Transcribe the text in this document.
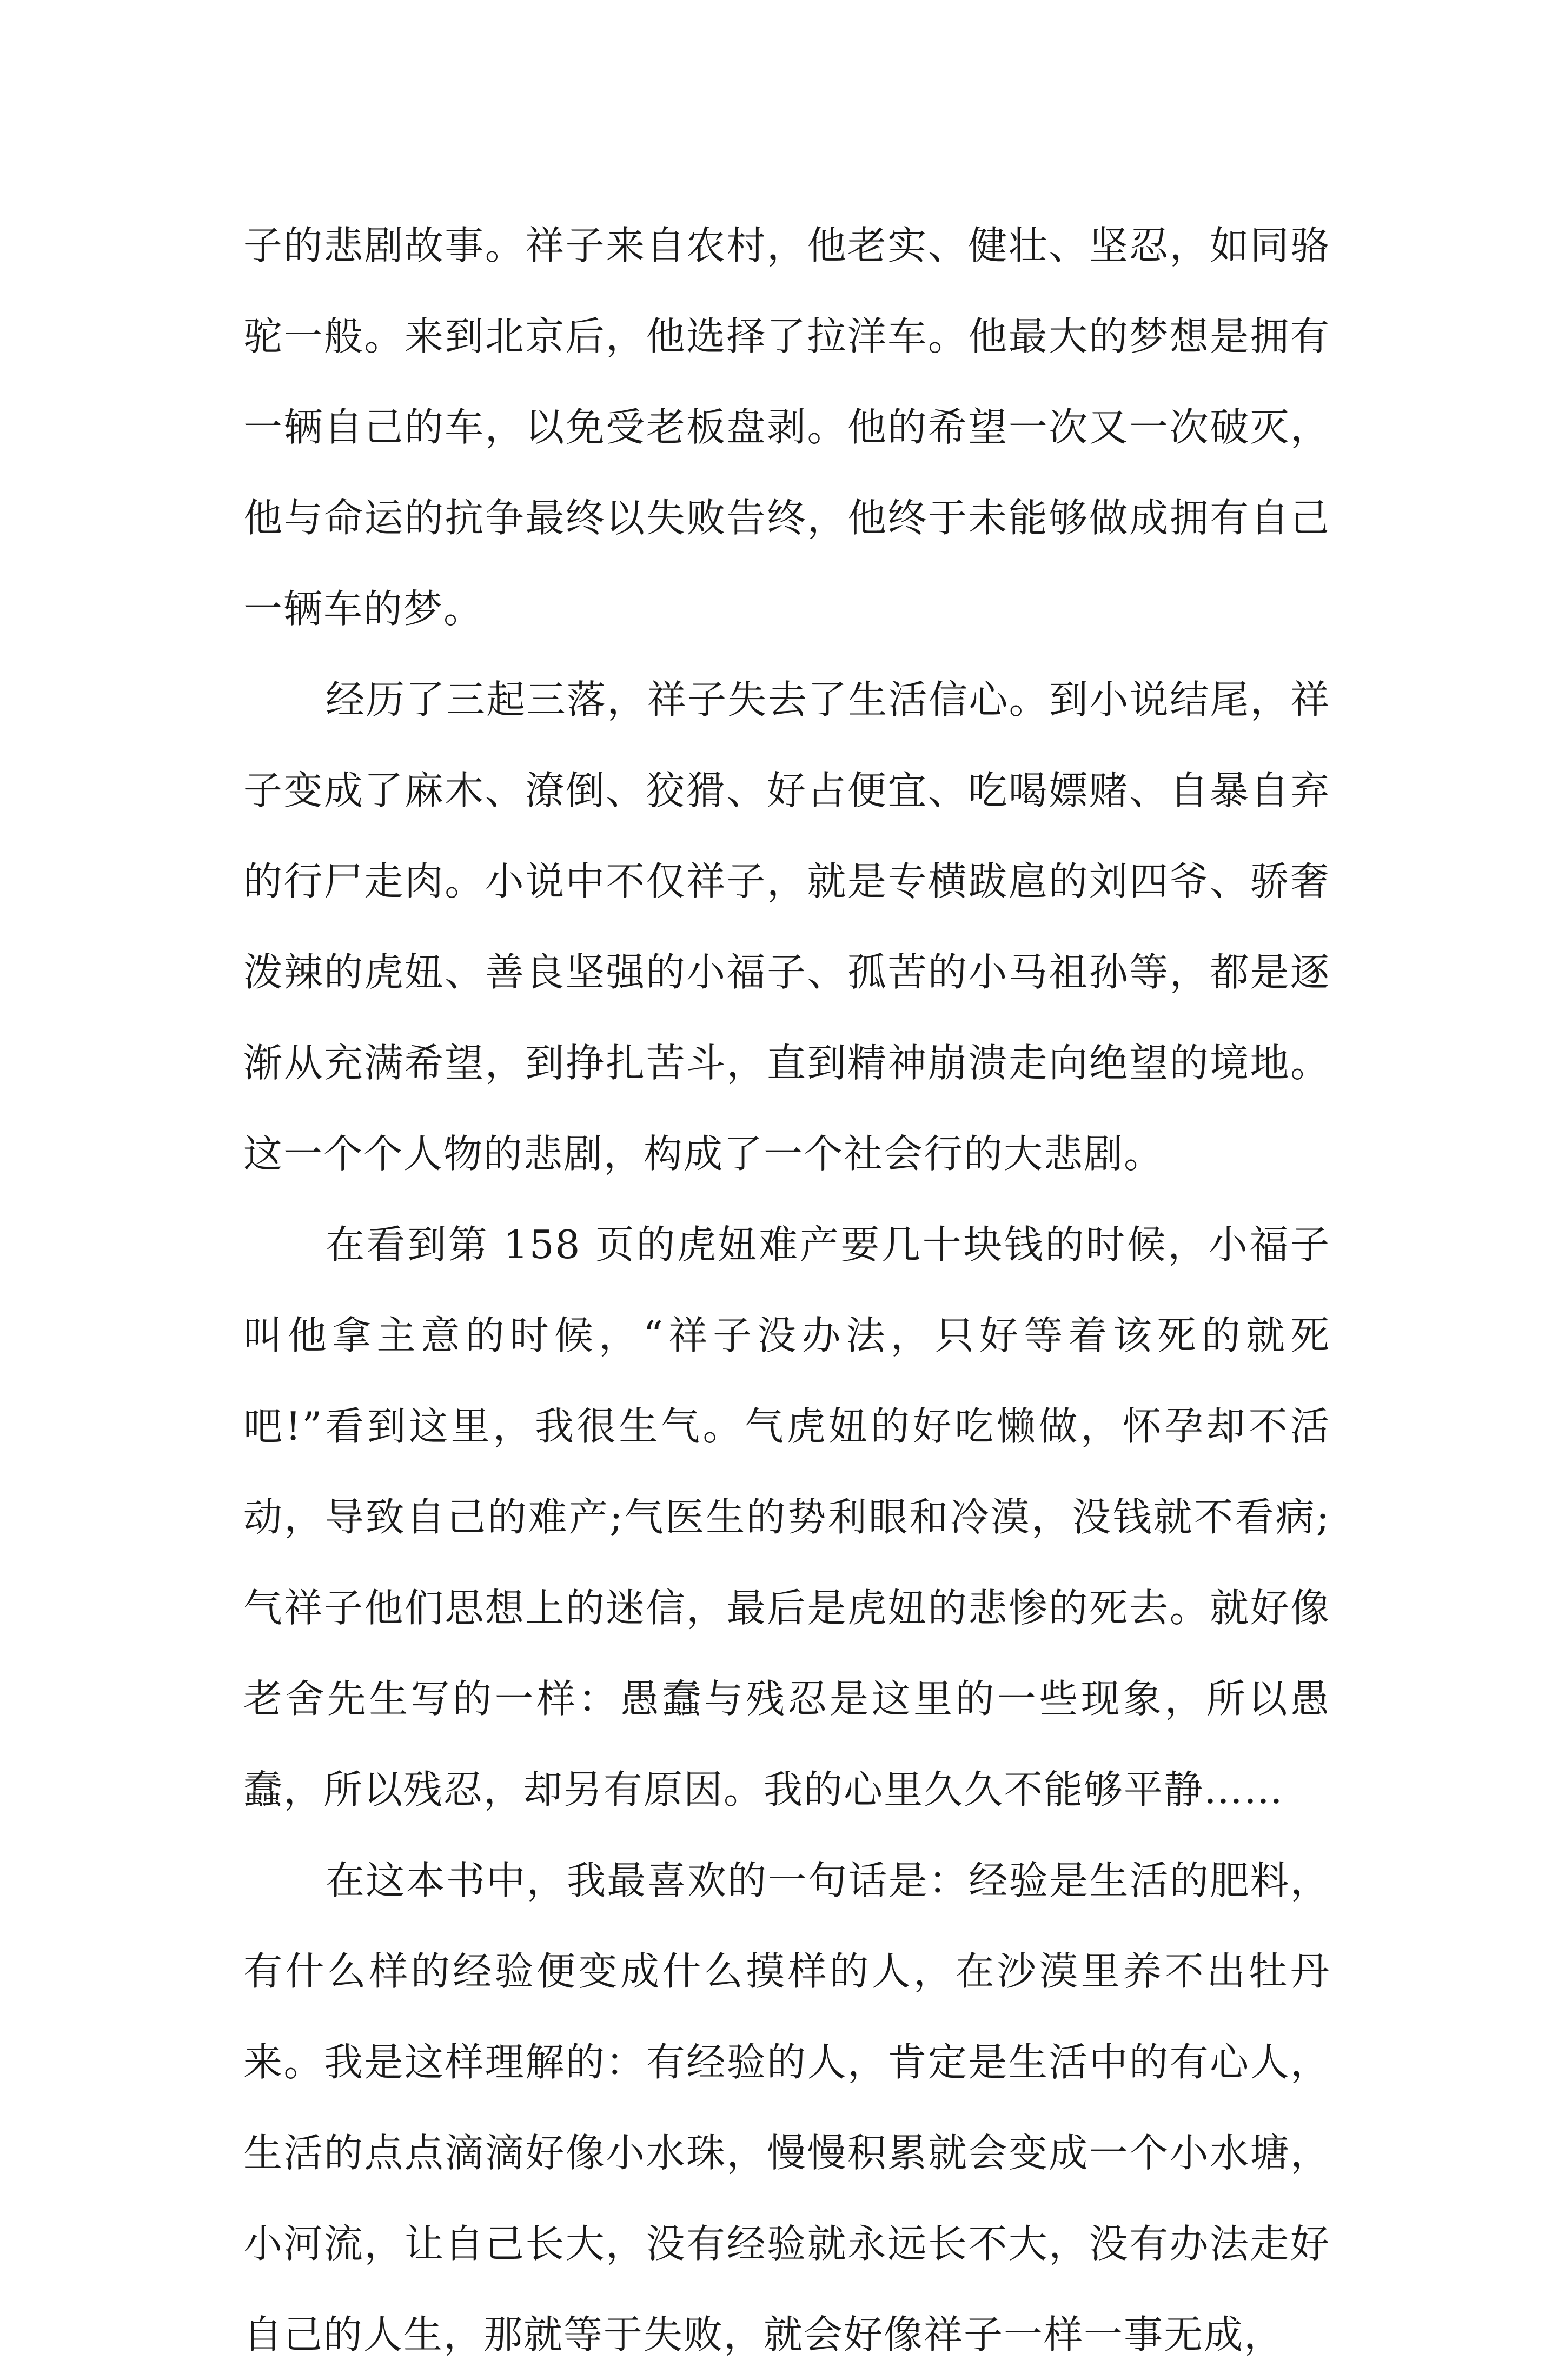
子的悲剧故事。祥子来自农村，他老实、健壮、坚忍，如同骆驼一般。来到北京后，他选择了拉洋车。他最大的梦想是拥有一辆自己的车，以免受老板盘剥。他的希望一次又一次破灭，他与命运的抗争最终以失败告终，他终于未能够做成拥有自己一辆车的梦。

经历了三起三落，祥子失去了生活信心。到小说结尾，祥子变成了麻木、潦倒、狡猾、好占便宜、吃喝嫖赌、自暴自弃的行尸走肉。小说中不仅祥子，就是专横跋扈的刘四爷、骄奢泼辣的虎妞、善良坚强的小福子、孤苦的小马祖孙等，都是逐渐从充满希望，到挣扎苦斗，直到精神崩溃走向绝望的境地。这一个个人物的悲剧，构成了一个社会行的大悲剧。

在看到第 158 页的虎妞难产要几十块钱的时候，小福子叫他拿主意的时候，“祥子没办法，只好等着该死的就死吧!”看到这里，我很生气。气虎妞的好吃懒做，怀孕却不活动，导致自己的难产;气医生的势利眼和冷漠，没钱就不看病;气祥子他们思想上的迷信，最后是虎妞的悲惨的死去。就好像老舍先生写的一样：愚蠢与残忍是这里的一些现象，所以愚蠢，所以残忍，却另有原因。我的心里久久不能够平静……

在这本书中，我最喜欢的一句话是：经验是生活的肥料，有什么样的经验便变成什么摸样的人，在沙漠里养不出牡丹来。我是这样理解的：有经验的人，肯定是生活中的有心人，生活的点点滴滴好像小水珠，慢慢积累就会变成一个小水塘，小河流，让自己长大，没有经验就永远长不大，没有办法走好自己的人生，那就等于失败，就会好像祥子一样一事无成，
